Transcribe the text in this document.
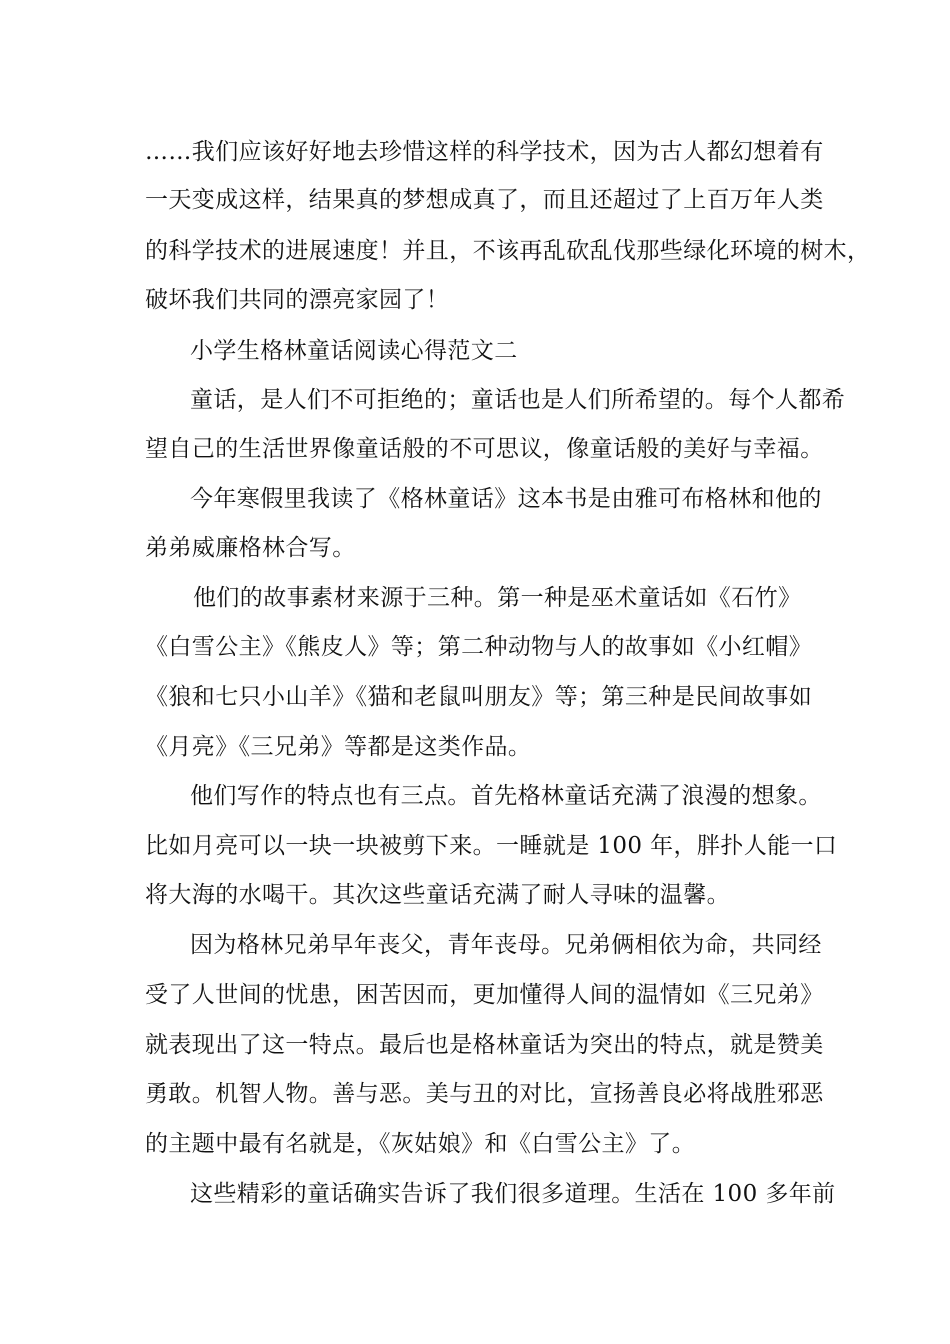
……我们应该好好地去珍惜这样的科学技术，因为古人都幻想着有
一天变成这样，结果真的梦想成真了，而且还超过了上百万年人类
的科学技术的进展速度！并且，不该再乱砍乱伐那些绿化环境的树木，
破坏我们共同的漂亮家园了！
小学生格林童话阅读心得范文二
童话，是人们不可拒绝的；童话也是人们所希望的。每个人都希
望自己的生活世界像童话般的不可思议，像童话般的美好与幸福。
今年寒假里我读了《格林童话》这本书是由雅可布格林和他的
弟弟威廉格林合写。
他们的故事素材来源于三种。第一种是巫术童话如《石竹》
《白雪公主》《熊皮人》等；第二种动物与人的故事如《小红帽》
《狼和七只小山羊》《猫和老鼠叫朋友》等；第三种是民间故事如
《月亮》《三兄弟》等都是这类作品。
他们写作的特点也有三点。首先格林童话充满了浪漫的想象。
比如月亮可以一块一块被剪下来。一睡就是 100 年，胖扑人能一口
将大海的水喝干。其次这些童话充满了耐人寻味的温馨。
因为格林兄弟早年丧父，青年丧母。兄弟俩相依为命，共同经
受了人世间的忧患，困苦因而，更加懂得人间的温情如《三兄弟》
就表现出了这一特点。最后也是格林童话为突出的特点，就是赞美
勇敢。机智人物。善与恶。美与丑的对比，宣扬善良必将战胜邪恶
的主题中最有名就是，《灰姑娘》和《白雪公主》了。
这些精彩的童话确实告诉了我们很多道理。生活在 100 多年前
